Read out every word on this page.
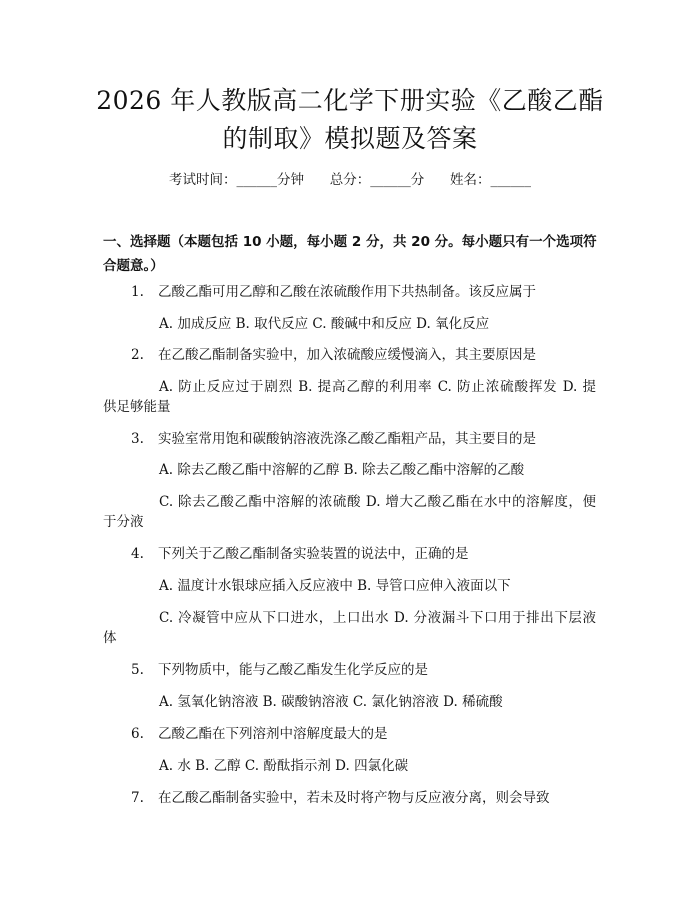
2026 年人教版高二化学下册实验《乙酸乙酯
的制取》模拟题及答案
考试时间：______分钟      总分：______分      姓名：______
一、选择题（本题包括 10 小题，每小题 2 分，共 20 分。每小题只有一个选项符合题意。）
1. 乙酸乙酯可用乙醇和乙酸在浓硫酸作用下共热制备。该反应属于
A. 加成反应 B. 取代反应 C. 酸碱中和反应 D. 氧化反应
2. 在乙酸乙酯制备实验中，加入浓硫酸应缓慢滴入，其主要原因是
A. 防止反应过于剧烈 B. 提高乙醇的利用率 C. 防止浓硫酸挥发 D. 提
供足够能量
3. 实验室常用饱和碳酸钠溶液洗涤乙酸乙酯粗产品，其主要目的是
A. 除去乙酸乙酯中溶解的乙醇 B. 除去乙酸乙酯中溶解的乙酸
C. 除去乙酸乙酯中溶解的浓硫酸 D. 增大乙酸乙酯在水中的溶解度，便
于分液
4. 下列关于乙酸乙酯制备实验装置的说法中，正确的是
A. 温度计水银球应插入反应液中 B. 导管口应伸入液面以下
C. 冷凝管中应从下口进水，上口出水 D. 分液漏斗下口用于排出下层液
体
5. 下列物质中，能与乙酸乙酯发生化学反应的是
A. 氢氧化钠溶液 B. 碳酸钠溶液 C. 氯化钠溶液 D. 稀硫酸
6. 乙酸乙酯在下列溶剂中溶解度最大的是
A. 水 B. 乙醇 C. 酚酞指示剂 D. 四氯化碳
7. 在乙酸乙酯制备实验中，若未及时将产物与反应液分离，则会导致
